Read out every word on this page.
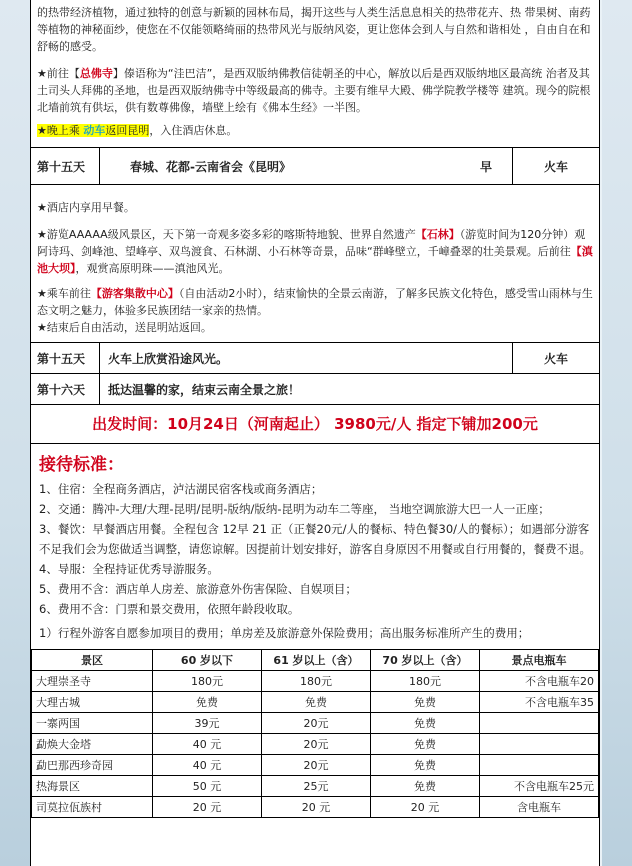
的热带经济植物，通过独特的创意与新颖的园林布局，揭开这些与人类生活息息相关的热带花卉、热 带果树、南药等植物的神秘面纱，使您在不仅能领略绮丽的热带风光与版纳风姿，更让您体会到人与自然和谐相处 ，自由自在和舒畅的感受。
★前往【总佛寺】傣语称为“洼巴洁”，是西双版纳佛教信徒朝圣的中心，解放以后是西双版纳地区最高统 治者及其土司头人拜佛的圣地，也是西双版纳佛寺中等级最高的佛寺。主要有维早大殿、佛学院教学楼等 建筑。现今的院根北墙前筑有供坛，供有数尊佛像，墙壁上绘有《佛本生经》一半图。
★晚上乘 动车返回昆明，入住酒店休息。
第十五天	春城、花都-云南省会《昆明》	早	火车
★酒店内享用早餐。
★游览AAAAA级风景区，天下第一奇观多姿多彩的喀斯特地貌、世界自然遗产【石林】（游览时间为120分钟）观阿诗玛、剑峰池、望峰亭、双鸟渡食、石林湖、小石林等奇景，品味“群峰壁立，千嶂叠翠的壮美景观。后前往【滇池大坝】，观赏高原明珠——滇池风光。
★乘车前往【游客集散中心】（自由活动2小时），结束愉快的全景云南游，了解多民族文化特色，感受雪山雨林与生态文明之魅力，体验多民族团结一家亲的热情。
★结束后自由活动，送昆明站返回。
第十五天	火车上欣赏沿途风光。	火车
第十六天	抵达温馨的家，结束云南全景之旅！
出发时间：10月24日（河南起止） 3980元/人 指定下铺加200元
接待标准：
1、住宿：全程商务酒店，泸沽湖民宿客栈或商务酒店；
2、交通：腾冲-大理/大理-昆明/昆明-版纳/版纳-昆明为动车二等座， 当地空调旅游大巴一人一正座；
3、餐饮：早餐酒店用餐。全程包含 12早 21 正（正餐20元/人的餐标、特色餐30/人的餐标）；如遇部分游客不足我们会为您做适当调整，请您谅解。因提前计划安排好，游客自身原因不用餐或自行用餐的，餐费不退。
4、导服：全程持证优秀导游服务。
5、费用不含：酒店单人房差、旅游意外伤害保险、自娱项目；
6、费用不含：门票和景交费用，依照年龄段收取。
1）行程外游客自愿参加项目的费用；单房差及旅游意外保险费用；高出服务标准所产生的费用；
景区	60 岁以下	61 岁以上（含）	70 岁以上（含）	景点电瓶车
大理崇圣寺	180元	180元	180元	不含电瓶车20
大理古城	免费	免费	免费	不含电瓶车35
一寨两国	39元	20元	免费	
勐焕大金塔	40 元	20元	免费	
勐巴那西珍奇园	40 元	20元	免费	
热海景区	50 元	25元	免费	不含电瓶车25元
司莫拉佤族村	20 元	20 元	20 元	含电瓶车
